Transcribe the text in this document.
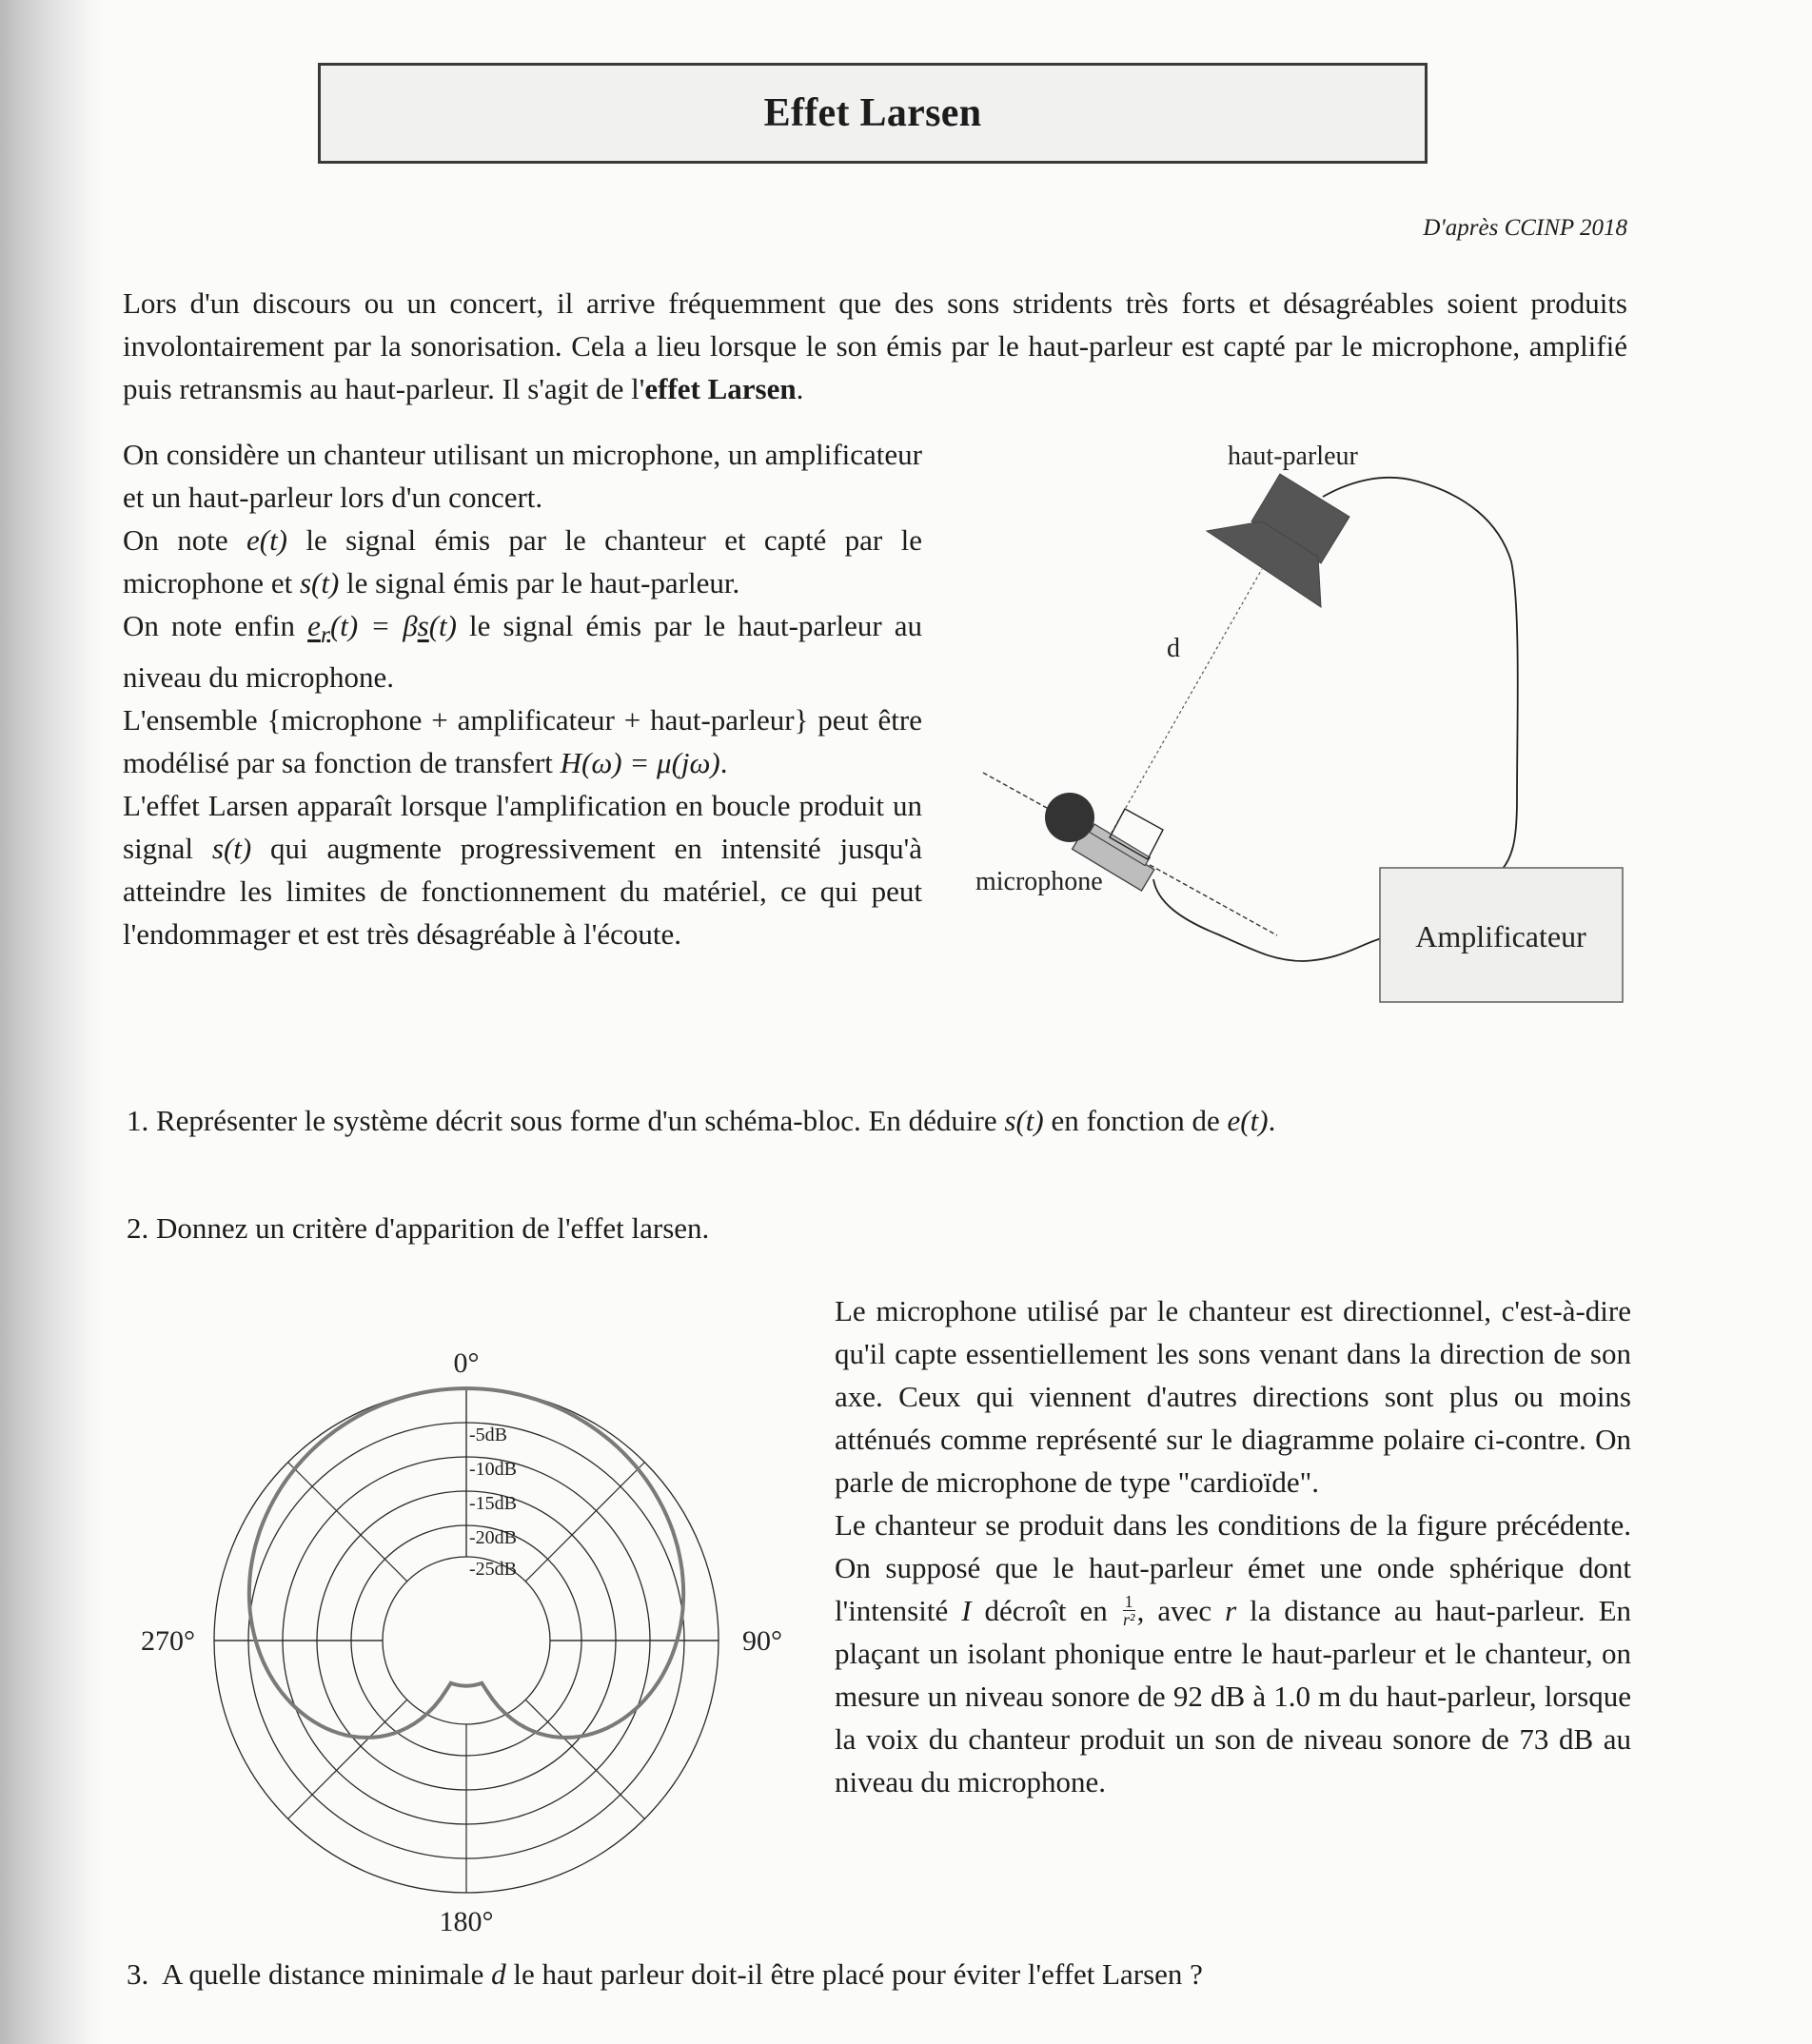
Effet Larsen
D'après CCINP 2018

Lors d'un discours ou un concert, il arrive fréquemment que des sons stridents très forts et désagréables soient produits involontairement par la sonorisation. Cela a lieu lorsque le son émis par le haut-parleur est capté par le microphone, amplifié puis retransmis au haut-parleur. Il s'agit de l'effet Larsen.

On considère un chanteur utilisant un microphone, un amplificateur et un haut-parleur lors d'un concert.

On note e(t) le signal émis par le chanteur et capté par le microphone et s(t) le signal émis par le haut-parleur.

On note enfin $e_r(t) = \beta s(t)$ le signal émis par le haut-parleur au niveau du microphone.

L'ensemble {microphone + amplificateur + haut-parleur} peut être modélisé par sa fonction de transfert H(ω) = μ(jω).

L'effet Larsen apparaît lorsque l'amplification en boucle produit un signal s(t) qui augmente progressivement en intensité jusqu'à atteindre les limites de fonctionnement du matériel, ce qui peut l'endommager et est très désagréable à l'écoute.

d
haut-parleur
microphone
Amplificateur
1. Représenter le système décrit sous forme d'un schéma-bloc. En déduire s(t) en fonction de e(t).
2. Donnez un critère d'apparition de l'effet larsen.
-5dB
-10dB
-15dB
-20dB
-25dB
0°
90°
180°
270°

Le microphone utilisé par le chanteur est directionnel, c'est-à-dire qu'il capte essentiellement les sons venant dans la direction de son axe. Ceux qui viennent d'autres directions sont plus ou moins atténués comme représenté sur le diagramme polaire ci-contre. On parle de microphone de type "cardioïde".

Le chanteur se produit dans les conditions de la figure précédente. On supposé que le haut-parleur émet une onde sphérique dont l'intensité I décroît en $\frac{1}{\text{r²}}$ , avec r la distance au haut-parleur. En plaçant un isolant phonique entre le haut-parleur et le chanteur, on mesure un niveau sonore de 92 dB à 1.0 m du haut-parleur, lorsque la voix du chanteur produit un son de niveau sonore de 73 dB au niveau du microphone.

3. A quelle distance minimale d le haut parleur doit-il être placé pour éviter l'effet Larsen ?
